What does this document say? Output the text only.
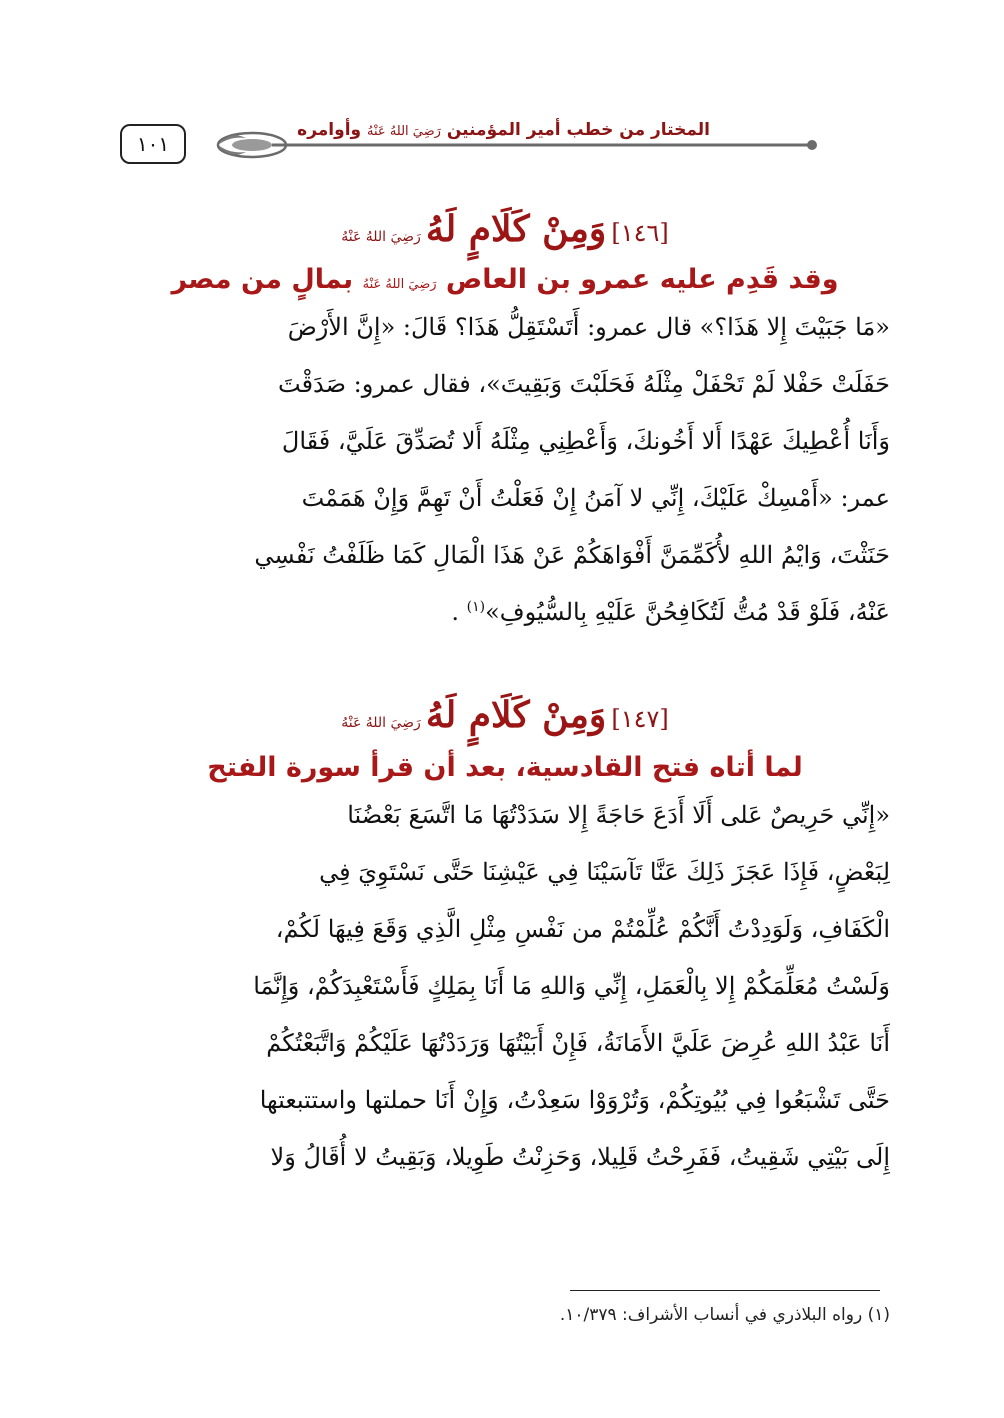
١٠١
المختار من خطب أمير المؤمنين رَضِيَ اللهُ عَنْهُ وأوامره
[١٤٦] وَمِنْ كَلَامٍ لَهُ رَضِيَ اللهُ عَنْهُ
وقد قَدِم عليه عمرو بن العاص رَضِيَ اللهُ عَنْهُ بمالٍ من مصر
«مَا جَبَيْتَ إِلا هَذَا؟» قال عمرو: أَتَسْتَقِلُّ هَذَا؟ قَالَ: «إِنَّ الأَرْضَ
حَفَلَتْ حَفْلا لَمْ تَحْفَلْ مِثْلَهُ فَحَلَبْتَ وَبَقِيتَ»، فقال عمرو: صَدَقْتَ
وَأَنَا أُعْطِيكَ عَهْدًا أَلا أَخُونكَ، وَأَعْطِنِي مِثْلَهُ أَلا تُصَدِّقَ عَلَيَّ، فَقَالَ
عمر: «أَمْسِكْ عَلَيْكَ، إِنِّي لا آمَنُ إِنْ فَعَلْتُ أَنْ تَهِمَّ وَإِنْ هَمَمْتَ
حَنَثْتَ، وَايْمُ اللهِ لأُكَمِّمَنَّ أَفْوَاهَكُمْ عَنْ هَذَا الْمَالِ كَمَا ظَلَفْتُ نَفْسِي
عَنْهُ، فَلَوْ قَدْ مُتُّ لَتُكَافِحُنَّ عَلَيْهِ بِالسُّيُوفِ»$^{(١)}$ .
[١٤٧] وَمِنْ كَلَامٍ لَهُ رَضِيَ اللهُ عَنْهُ
لما أتاه فتح القادسية، بعد أن قرأ سورة الفتح
«إِنِّي حَرِيصٌ عَلى أَلَا أَدَعَ حَاجَةً إِلا سَدَدْتُهَا مَا اتَّسَعَ بَعْضُنَا
لِبَعْضٍ، فَإِذَا عَجَزَ ذَلِكَ عَنَّا تَآسَيْنَا فِي عَيْشِنَا حَتَّى نَسْتَوِيَ فِي
الْكَفَافِ، وَلَوَدِدْتُ أَنَّكُمْ عُلِّمْتُمْ من نَفْسِ مِثْلِ الَّذِي وَقَعَ فِيهَا لَكُمْ،
وَلَسْتُ مُعَلِّمَكُمْ إِلا بِالْعَمَلِ، إِنِّي وَاللهِ مَا أَنَا بِمَلِكٍ فَأَسْتَعْبِدَكُمْ، وَإِنَّمَا
أَنَا عَبْدُ اللهِ عُرِضَ عَلَيَّ الأَمَانَةُ، فَإِنْ أَبَيْتُهَا وَرَدَدْتُهَا عَلَيْكُمْ وَاتَّبَعْتُكُمْ
حَتَّى تَشْبَعُوا فِي بُيُوتِكُمْ، وَتُرْوَوْا سَعِدْتُ، وَإِنْ أَنَا حملتها واستتبعتها
إِلَى بَيْتِي شَقِيتُ، فَفَرِحْتُ قَلِيلا، وَحَزِنْتُ طَوِيلا، وَبَقِيتُ لا أُقَالُ وَلا
(١) رواه البلاذري في أنساب الأشراف: ١٠/٣٧٩.
